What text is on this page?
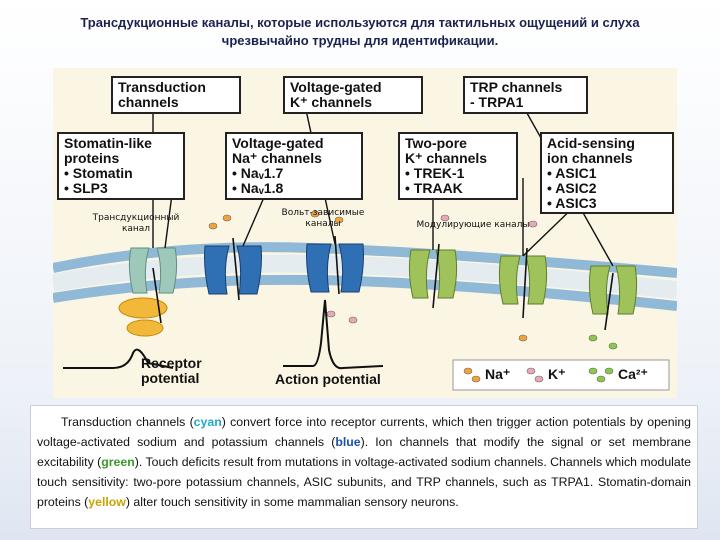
Трансдукционные каналы, которые используются для тактильных ощущений и слуха
чрезвычайно трудны для идентификации.
Transduction
channels
Voltage-gated
K⁺ channels
TRP channels
- TRPA1
Stomatin-like
proteins
• Stomatin
• SLP3
Voltage-gated
Na⁺ channels
• Naᵥ1.7
• Naᵥ1.8
Two-pore
K⁺ channels
• TREK-1
• TRAAK
Acid-sensing
ion channels
• ASIC1
• ASIC2
• ASIC3
Трансдукционный
канал
Вольт-зависимые
каналы	Модулирующие каналы
Receptor
potential	Action potential	Na⁺	K⁺	Ca²⁺
Transduction channels (cyan) convert force into receptor currents, which then trigger action potentials by opening voltage-activated sodium and potassium channels (blue). Ion channels that modify the signal or set membrane excitability (green). Touch deficits result from mutations in voltage-activated sodium channels. Channels which modulate touch sensitivity: two-pore potassium channels, ASIC subunits, and TRP channels, such as TRPA1. Stomatin-domain proteins (yellow) alter touch sensitivity in some mammalian sensory neurons.
